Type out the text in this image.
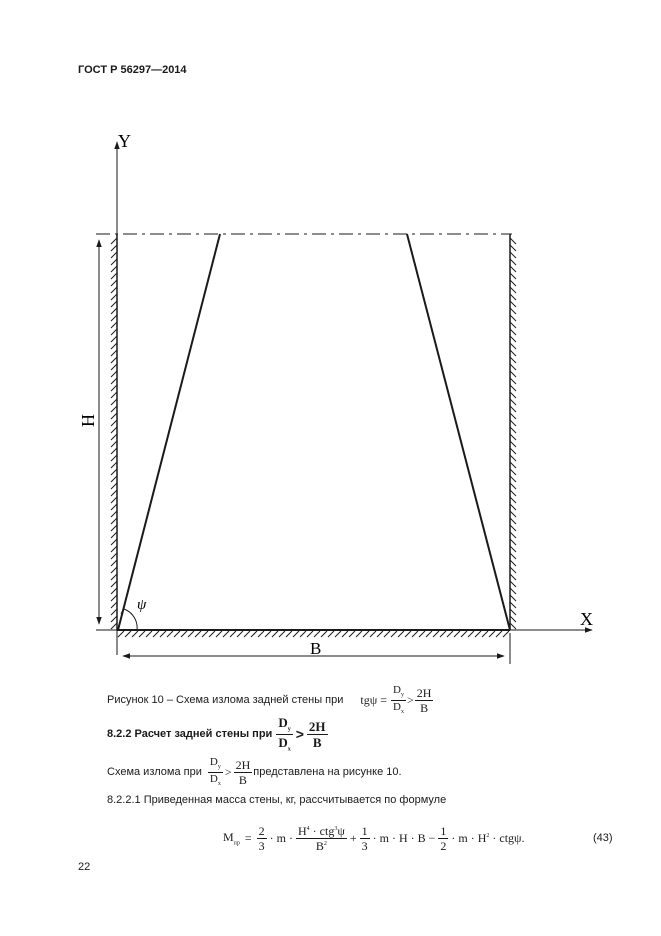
ГОСТ Р 56297—2014
Y
X
H
B
ψ
Рисунок 10 – Схема излома задней стены при $tg\psi = \frac{D_y}{D_x} > \frac{2H}{B}$
8.2.2 Расчет задней стены при $\frac{D_y}{D_x} > \frac{2H}{B}$
Схема излома при $\frac{D_y}{D_x} > \frac{2H}{B}$ представлена на рисунке 10.
8.2.2.1 Приведенная масса стены, кг, рассчитывается по формуле
$M_{пр} = \frac{2}{3} \cdot m \cdot \frac{H^4 \cdot ctg^3\psi}{B^2} + \frac{1}{3} \cdot m \cdot H \cdot B - \frac{1}{2} \cdot m \cdot H^2 \cdot ctg\psi$.	(43)
22
